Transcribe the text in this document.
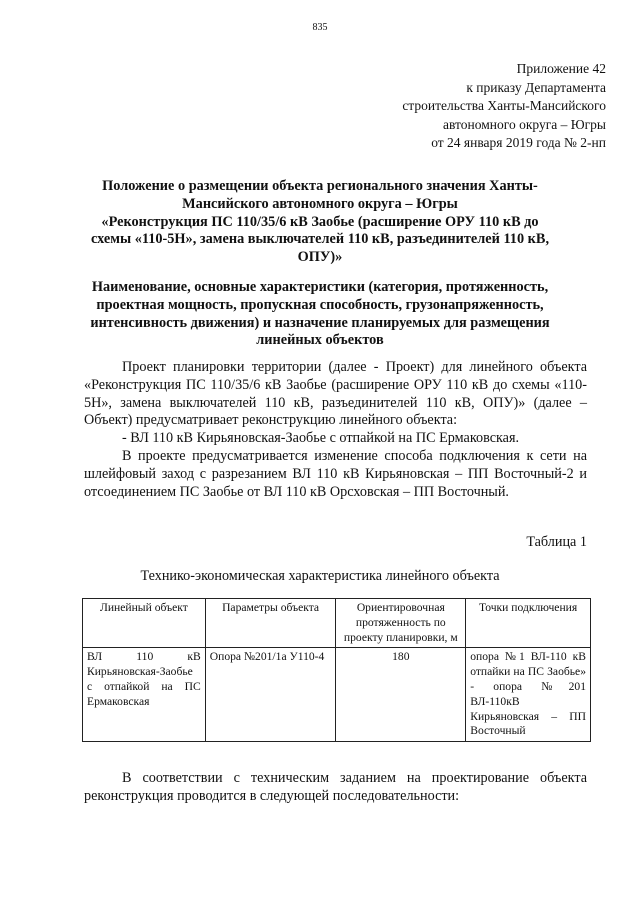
835
Приложение 42
к приказу Департамента
строительства Ханты-Мансийского
автономного округа – Югры
от 24 января 2019 года № 2-нп
Положение о размещении объекта регионального значения Ханты-
Мансийского автономного округа – Югры
«Реконструкция ПС 110/35/6 кВ Заобье (расширение ОРУ 110 кВ до
схемы «110-5Н», замена выключателей 110 кВ, разъединителей 110 кВ,
ОПУ)»
Наименование, основные характеристики (категория, протяженность,
проектная мощность, пропускная способность, грузонапряженность,
интенсивность движения) и назначение планируемых для размещения
линейных объектов

Проект планировки территории (далее - Проект) для линейного объекта «Реконструкция ПС 110/35/6 кВ Заобье (расширение ОРУ 110 кВ до схемы «110-5Н», замена выключателей 110 кВ, разъединителей 110 кВ, ОПУ)» (далее – Объект) предусматривает реконструкцию линейного объекта:

- ВЛ 110 кВ Кирьяновская-Заобье с отпайкой на ПС Ермаковская.

В проекте предусматривается изменение способа подключения к сети на шлейфовый заход с разрезанием ВЛ 110 кВ Кирьяновская – ПП Восточный-2 и отсоединением ПС Заобье от ВЛ 110 кВ Орсховская – ПП Восточный.

Таблица 1
Технико-экономическая характеристика линейного объекта
Линейный объект	Параметры объекта	Ориентировочная протяженность по проекту планировки, м	Точки подключения
ВЛ 110 кВ Кирьяновская-Заобье с отпайкой на ПС Ермаковская	Опора №201/1а У110-4	180	опора №1 ВЛ-110 кВ отпайки на ПС Заобье» - опора №201 ВЛ-110кВ Кирьяновская – ПП Восточный

В соответствии с техническим заданием на проектирование объекта реконструкция проводится в следующей последовательности:
